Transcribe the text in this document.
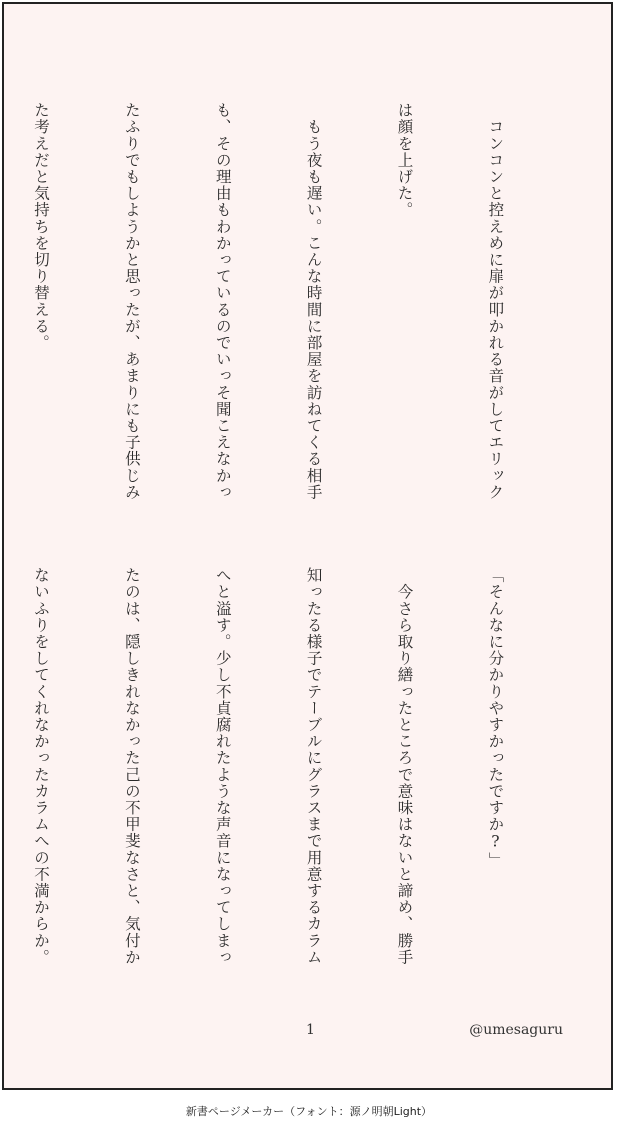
　コンコンと控えめに扉が叩かれる音がしてエリック

は顔を上げた。

　もう夜も遅い。こんな時間に部屋を訪ねてくる相手

も、その理由もわかっているのでいっそ聞こえなかっ

たふりでもしようかと思ったが、あまりにも子供じみ

た考えだと気持ちを切り替える。

「そんなに分かりやすかったですか?」

　今さら取り繕ったところで意味はないと諦め、勝手

知ったる様子でテーブルにグラスまで用意するカラム

へと溢す。少し不貞腐れたような声音になってしまっ

たのは、隠しきれなかった己の不甲斐なさと、気付か

ないふりをしてくれなかったカラムへの不満からか。

1	@umesaguru
新書ページメーカー（フォント：源ノ明朝Light）
